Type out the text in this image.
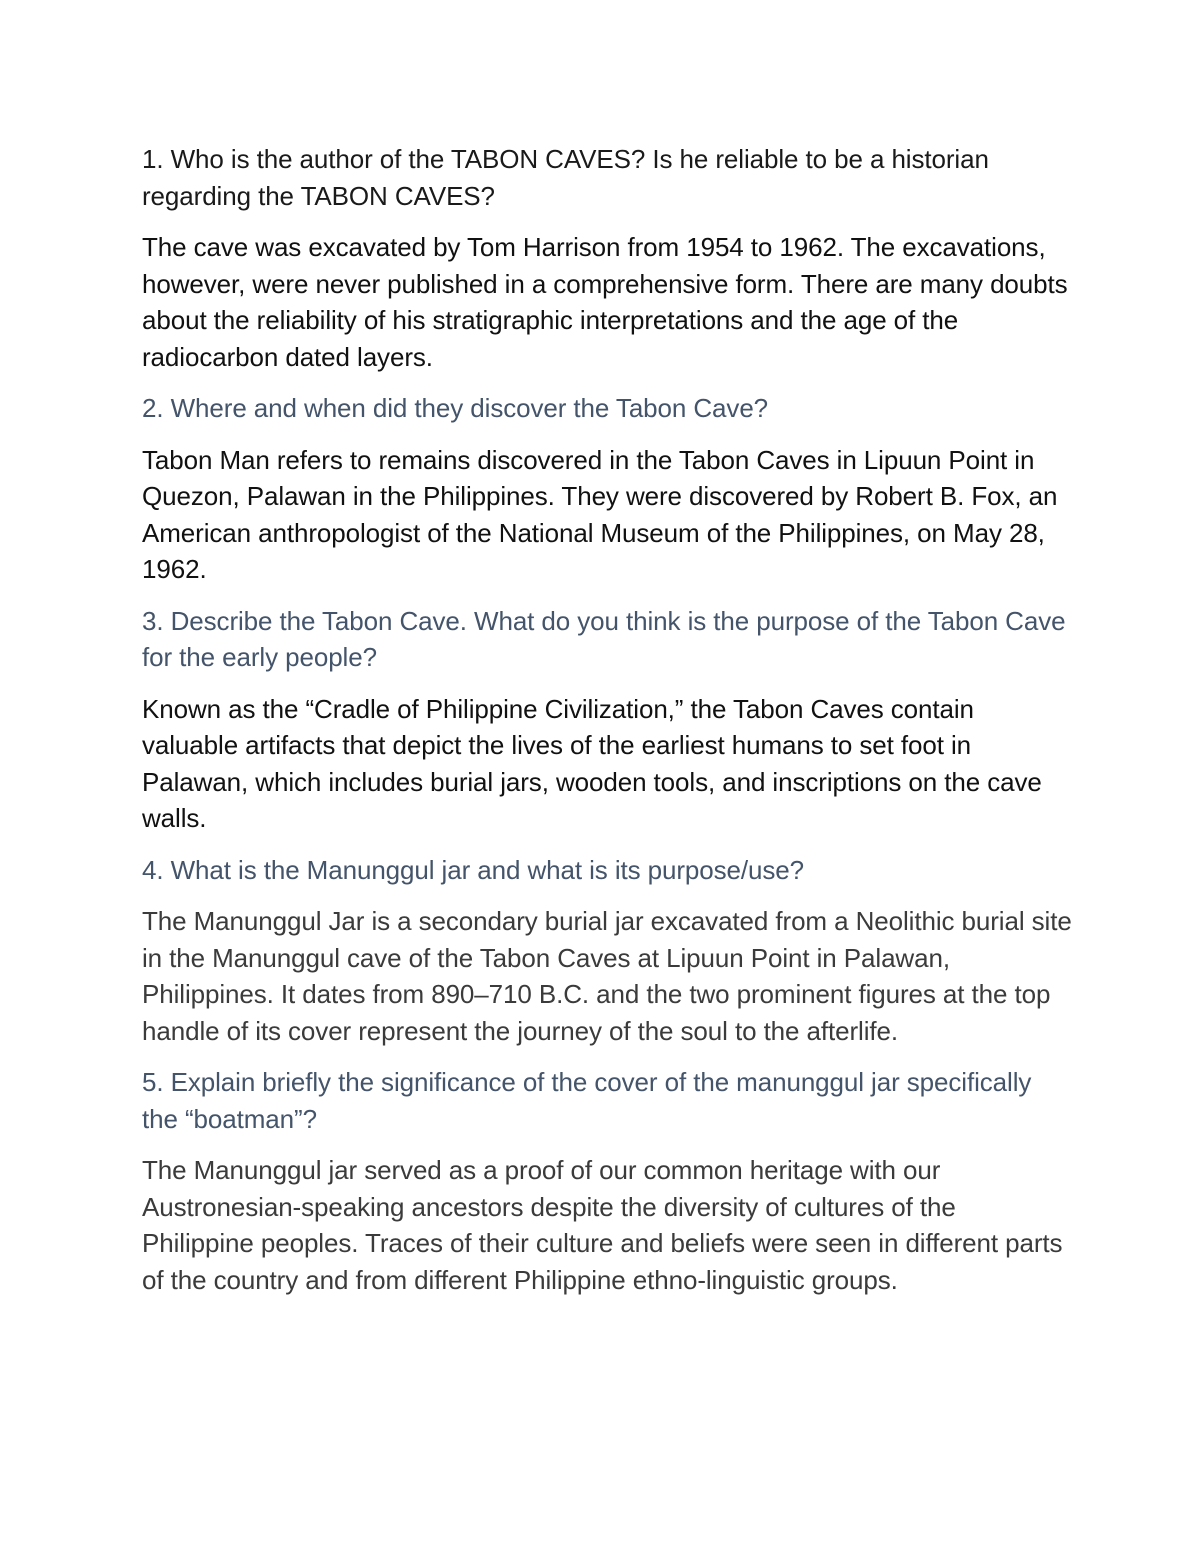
1. Who is the author of the TABON CAVES? Is he reliable to be a historian regarding the TABON CAVES?

The cave was excavated by Tom Harrison from 1954 to 1962. The excavations, however, were never published in a comprehensive form. There are many doubts about the reliability of his stratigraphic interpretations and the age of the radiocarbon dated layers.

2. Where and when did they discover the Tabon Cave?

Tabon Man refers to remains discovered in the Tabon Caves in Lipuun Point in Quezon, Palawan in the Philippines. They were discovered by Robert B. Fox, an American anthropologist of the National Museum of the Philippines, on May 28, 1962.

3. Describe the Tabon Cave. What do you think is the purpose of the Tabon Cave for the early people?

Known as the “Cradle of Philippine Civilization,” the Tabon Caves contain valuable artifacts that depict the lives of the earliest humans to set foot in Palawan, which includes burial jars, wooden tools, and inscriptions on the cave walls.

4. What is the Manunggul jar and what is its purpose/use?

The Manunggul Jar is a secondary burial jar excavated from a Neolithic burial site in the Manunggul cave of the Tabon Caves at Lipuun Point in Palawan, Philippines. It dates from 890–710 B.C. and the two prominent figures at the top handle of its cover represent the journey of the soul to the afterlife.

5. Explain briefly the significance of the cover of the manunggul jar specifically the “boatman”?

The Manunggul jar served as a proof of our common heritage with our Austronesian-speaking ancestors despite the diversity of cultures of the Philippine peoples. Traces of their culture and beliefs were seen in different parts of the country and from different Philippine ethno-linguistic groups.
